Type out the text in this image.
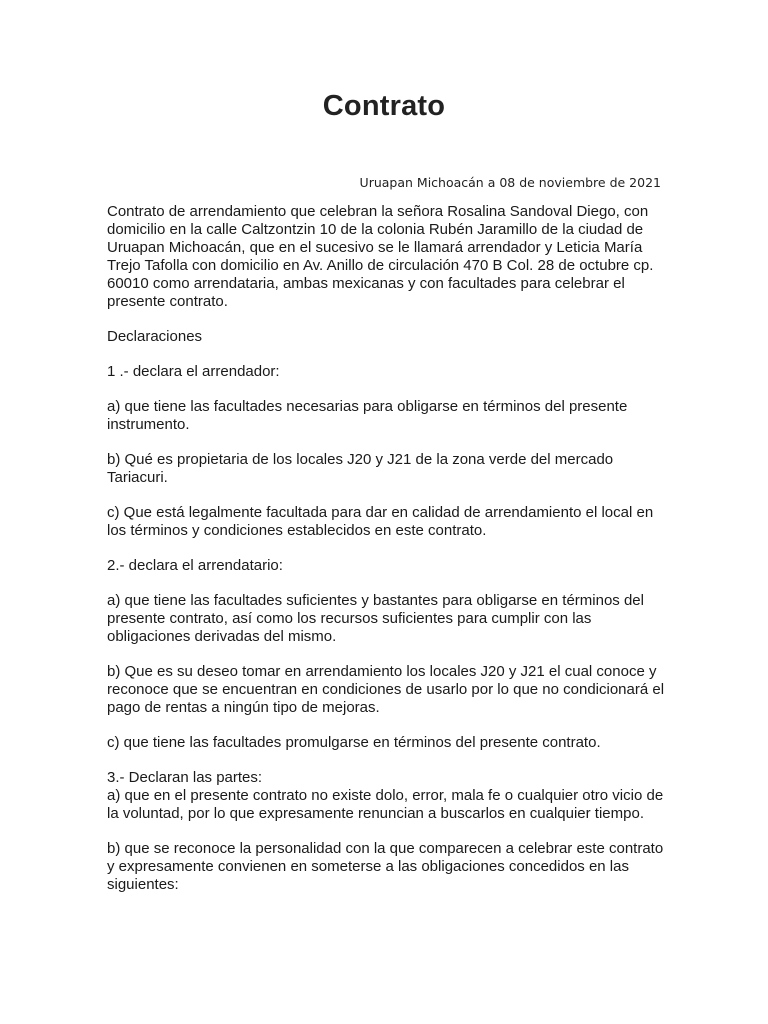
Contrato

Uruapan Michoacán a 08 de noviembre de 2021

Contrato de arrendamiento que celebran la señora Rosalina Sandoval Diego, con domicilio en la calle Caltzontzin 10 de la colonia Rubén Jaramillo de la ciudad de Uruapan Michoacán, que en el sucesivo se le llamará arrendador y Leticia María Trejo Tafolla con domicilio en Av. Anillo de circulación 470 B Col. 28 de octubre cp. 60010 como arrendataria, ambas mexicanas y con facultades para celebrar el presente contrato.

Declaraciones

1 .- declara el arrendador:

a) que tiene las facultades necesarias para obligarse en términos del presente instrumento.

b) Qué es propietaria de los locales J20 y J21 de la zona verde del mercado Tariacuri.

c) Que está legalmente facultada para dar en calidad de arrendamiento el local en los términos y condiciones establecidos en este contrato.

2.- declara el arrendatario:

a) que tiene las facultades suficientes y bastantes para obligarse en términos del presente contrato, así como los recursos suficientes para cumplir con las obligaciones derivadas del mismo.

b) Que es su deseo tomar en arrendamiento los locales J20 y J21 el cual conoce y reconoce que se encuentran en condiciones de usarlo por lo que no condicionará el pago de rentas a ningún tipo de mejoras.

c) que tiene las facultades promulgarse en términos del presente contrato.

3.- Declaran las partes:

a) que en el presente contrato no existe dolo, error, mala fe o cualquier otro vicio de la voluntad, por lo que expresamente renuncian a buscarlos en cualquier tiempo.

b) que se reconoce la personalidad con la que comparecen a celebrar este contrato y expresamente convienen en someterse a las obligaciones concedidos en las siguientes:
